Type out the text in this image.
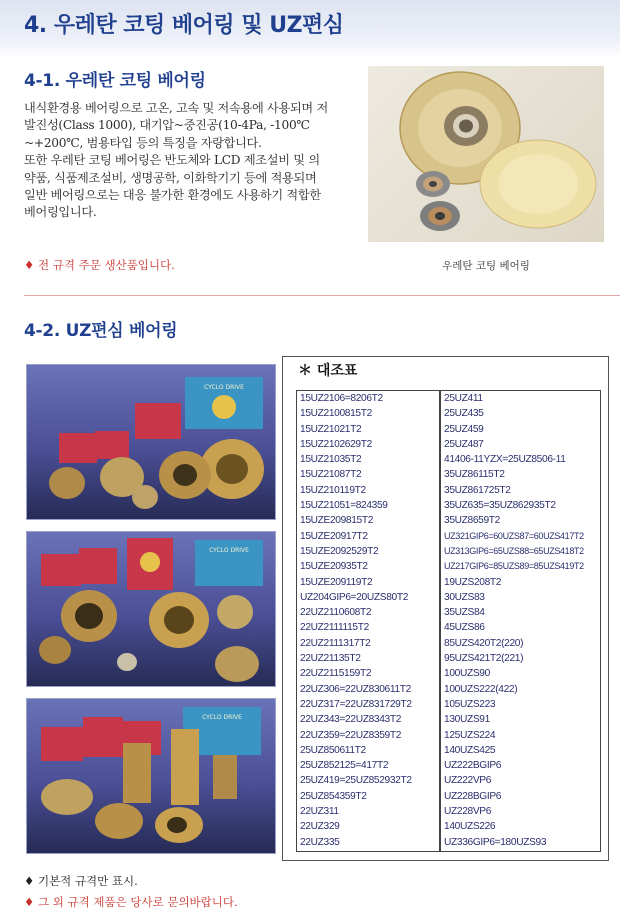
4. 우레탄 코팅 베어링 및 UZ편심
4-1. 우레탄 코팅 베어링

내식환경용 베어링으로 고온, 고속 및 저속용에 사용되며 저

발진성(Class 1000), 대기압~중진공(10-4Pa, -100℃

~+200℃, 범용타입 등의 특징을 자랑합니다.

또한 우레탄 코팅 베어링은 반도체와 LCD 제조설비 및 의

약품, 식품제조설비, 생명공학, 이화학기기 등에 적용되며

일반 베어링으로는 대응 불가한 환경에도 사용하기 적합한

베어링입니다.

♦ 전 규격 주문 생산품입니다.	우레탄 코팅 베어링
4-2. UZ편심 베어링
CYCLO DRIVE
CYCLO DRIVE
CYCLO DRIVE
＊ 대조표
15UZ2106=8206T2
15UZ2100815T2
15UZ21021T2
15UZ2102629T2
15UZ21035T2
15UZ21087T2
15UZ210119T2
15UZ21051=824359
15UZE209815T2
15UZE20917T2
15UZE2092529T2
15UZE20935T2
15UZE209119T2
UZ204GIP6=20UZS80T2
22UZ2110608T2
22UZ2111115T2
22UZ2111317T2
22UZ21135T2
22UZ2115159T2
22UZ306=22UZ830611T2
22UZ317=22UZ831729T2
22UZ343=22UZ8343T2
22UZ359=22UZ8359T2
25UZ850611T2
25UZ852125=417T2
25UZ419=25UZ852932T2
25UZ854359T2
22UZ311
22UZ329
22UZ335
25UZ411
25UZ435
25UZ459
25UZ487
41406-11YZX=25UZ8506-11
35UZ86115T2
35UZ861725T2
35UZ635=35UZ862935T2
35UZ8659T2
UZ321GIP6=60UZS87=60UZS417T2
UZ313GIP6=65UZS88=65UZS418T2
UZ217GIP6=85UZS89=85UZS419T2
19UZS208T2
30UZS83
35UZS84
45UZS86
85UZS420T2(220)
95UZS421T2(221)
100UZS90
100UZS222(422)
105UZS223
130UZS91
125UZS224
140UZS425
UZ222BGIP6
UZ222VP6
UZ228BGIP6
UZ228VP6
140UZS226
UZ336GIP6=180UZS93
♦ 기본적 규격만 표시.
♦ 그 외 규격 제품은 당사로 문의바랍니다.
